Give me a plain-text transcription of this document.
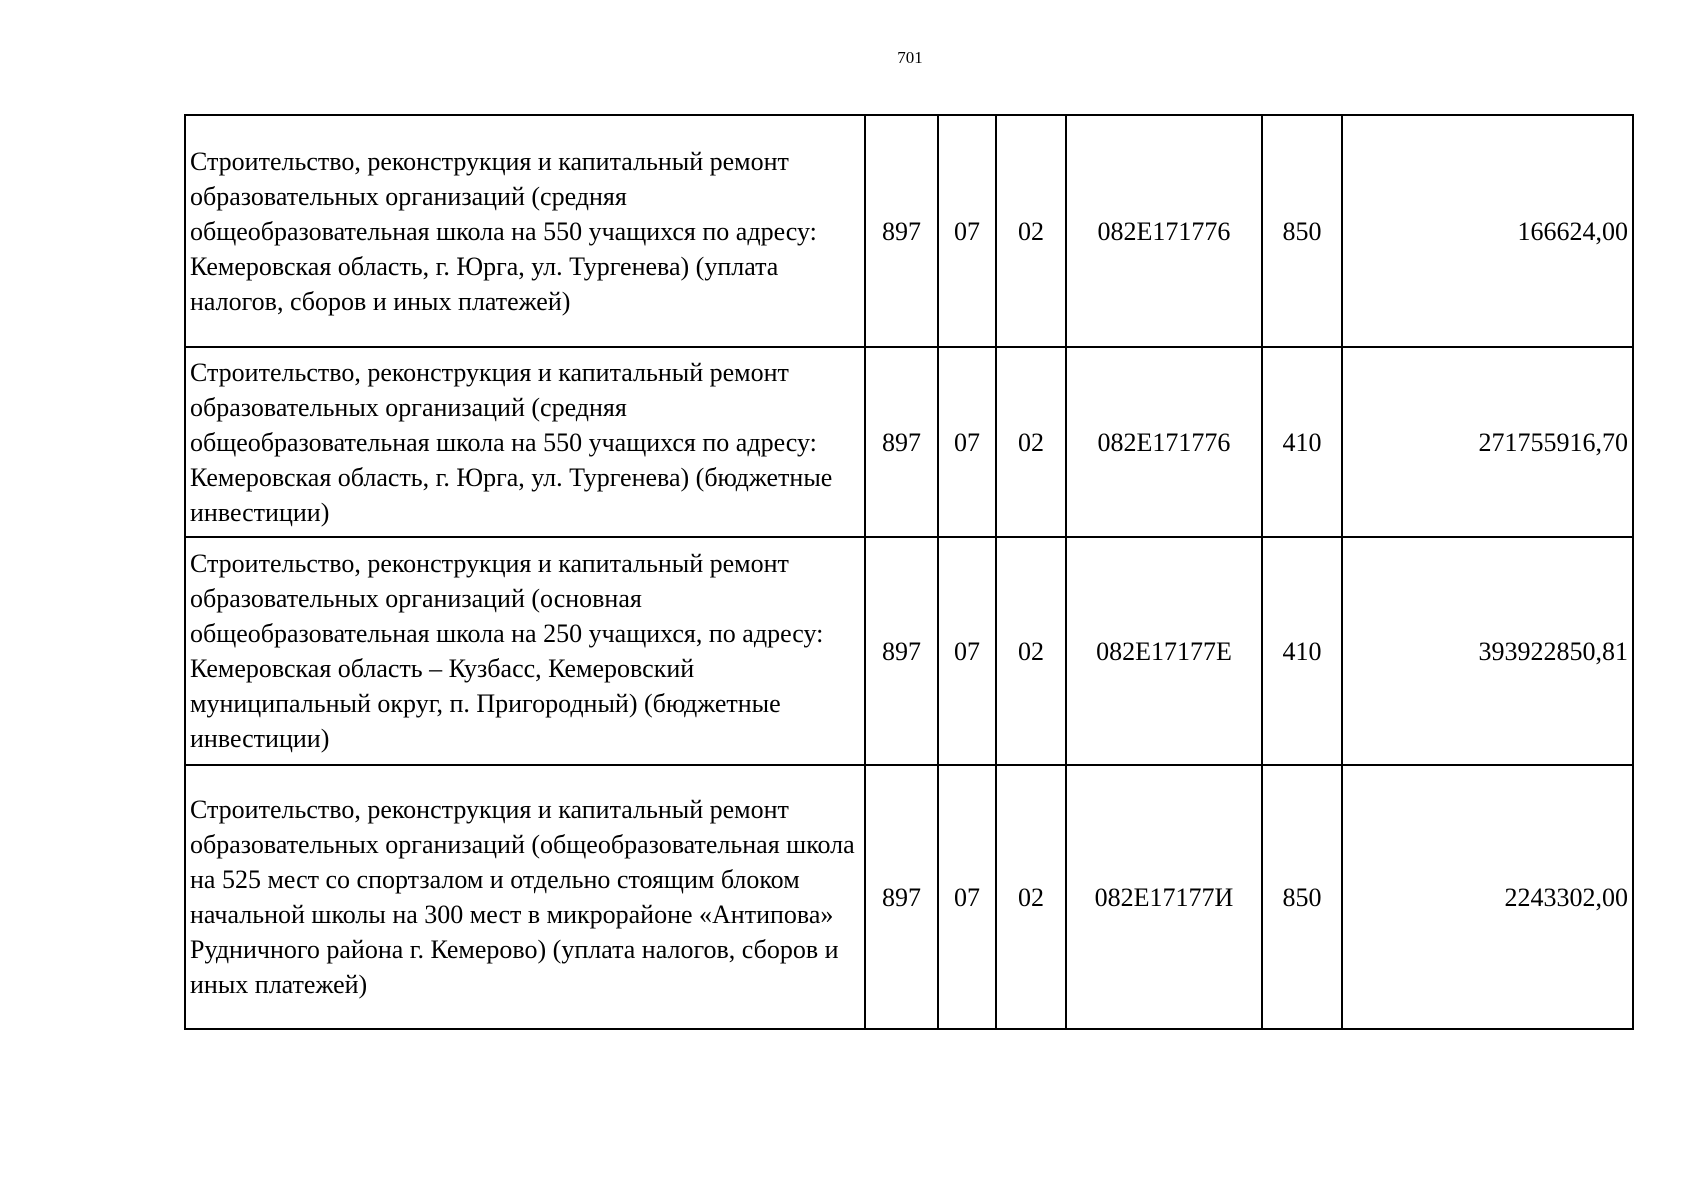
701
Строительство, реконструкция и капитальный ремонт образовательных организаций (средняя общеобразовательная школа на 550 учащихся по адресу: Кемеровская область, г. Юрга, ул. Тургенева) (уплата налогов, сборов и иных платежей)	897	07	02	082E171776	850	166624,00
Строительство, реконструкция и капитальный ремонт образовательных организаций (средняя общеобразовательная школа на 550 учащихся по адресу: Кемеровская область, г. Юрга, ул. Тургенева) (бюджетные инвестиции)	897	07	02	082E171776	410	271755916,70
Строительство, реконструкция и капитальный ремонт образовательных организаций (основная общеобразовательная школа на 250 учащихся, по адресу: Кемеровская область – Кузбасс, Кемеровский муниципальный округ, п. Пригородный) (бюджетные инвестиции)	897	07	02	082E17177E	410	393922850,81
Строительство, реконструкция и капитальный ремонт образовательных организаций (общеобразовательная школа на 525 мест со спортзалом и отдельно стоящим блоком начальной школы на 300 мест в микрорайоне «Антипова» Рудничного района г. Кемерово) (уплата налогов, сборов и иных платежей)	897	07	02	082E17177И	850	2243302,00
